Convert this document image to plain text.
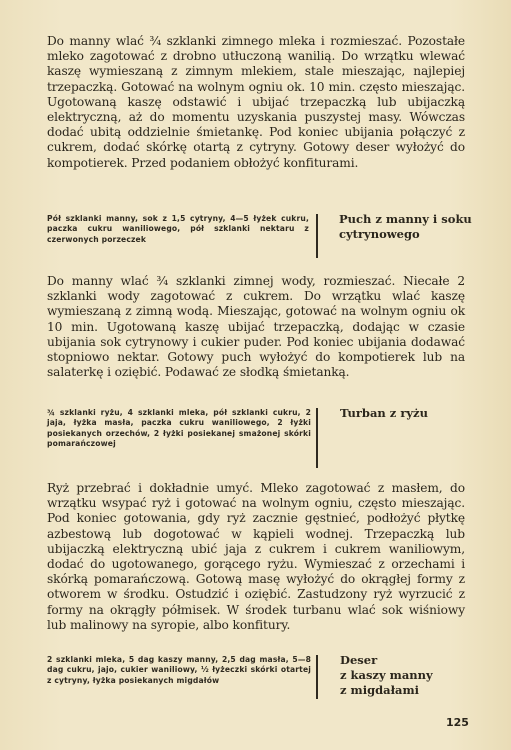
Do manny wlać ¾ szklanki zimnego mleka i rozmieszać. Pozostałe mleko zagotować z drobno utłuczoną wanilią. Do wrzątku wlewać kaszę wymieszaną z zimnym mlekiem, stale mieszając, najlepiej trzepaczką. Gotować na wolnym ogniu ok. 10 min. często mieszając. Ugotowaną kaszę odstawić i ubijać trzepaczką lub ubijaczką elektryczną, aż do momentu uzyskania puszystej masy. Wówczas dodać ubitą oddzielnie śmietankę. Pod koniec ubijania połączyć z cukrem, dodać skórkę otartą z cytryny. Gotowy deser wyłożyć do kompotierek. Przed podaniem obłożyć konfiturami.

Pół szklanki manny, sok z 1,5 cytryny, 4—5 łyżek cukru, paczka cukru waniliowego, pół szklanki nektaru z czerwonych porzeczek

Puch z manny i soku cytrynowego

Do manny wlać ¾ szklanki zimnej wody, rozmieszać. Niecałe 2 szklanki wody zagotować z cukrem. Do wrzątku wlać kaszę wymieszaną z zimną wodą. Mieszając, gotować na wolnym ogniu ok 10 min. Ugotowaną kaszę ubijać trzepaczką, dodając w czasie ubijania sok cytrynowy i cukier puder. Pod koniec ubijania dodawać stopniowo nektar. Gotowy puch wyłożyć do kompotierek lub na salaterkę i oziębić. Podawać ze słodką śmietanką.

¾ szklanki ryżu, 4 szklanki mleka, pół szklanki cukru, 2 jaja, łyżka masła, paczka cukru waniliowego, 2 łyżki posiekanych orzechów, 2 łyżki posiekanej smażonej skórki pomarańczowej

Turban z ryżu

Ryż przebrać i dokładnie umyć. Mleko zagotować z masłem, do wrzątku wsypać ryż i gotować na wolnym ogniu, często mieszając. Pod koniec gotowania, gdy ryż zacznie gęstnieć, podłożyć płytkę azbestową lub dogotować w kąpieli wodnej. Trzepaczką lub ubijaczką elektryczną ubić jaja z cukrem i cukrem waniliowym, dodać do ugotowanego, gorącego ryżu. Wymieszać z orzechami i skórką pomarańczową. Gotową masę wyłożyć do okrągłej formy z otworem w środku. Ostudzić i oziębić. Zastudzony ryż wyrzucić z formy na okrągły półmisek. W środek turbanu wlać sok wiśniowy lub malinowy na syropie, albo konfitury.

2 szklanki mleka, 5 dag kaszy manny, 2,5 dag masła, 5—8 dag cukru, jajo, cukier waniliowy, ½ łyżeczki skórki otartej z cytryny, łyżka posiekanych migdałów

Deser
z kaszy manny
z migdałami
125
